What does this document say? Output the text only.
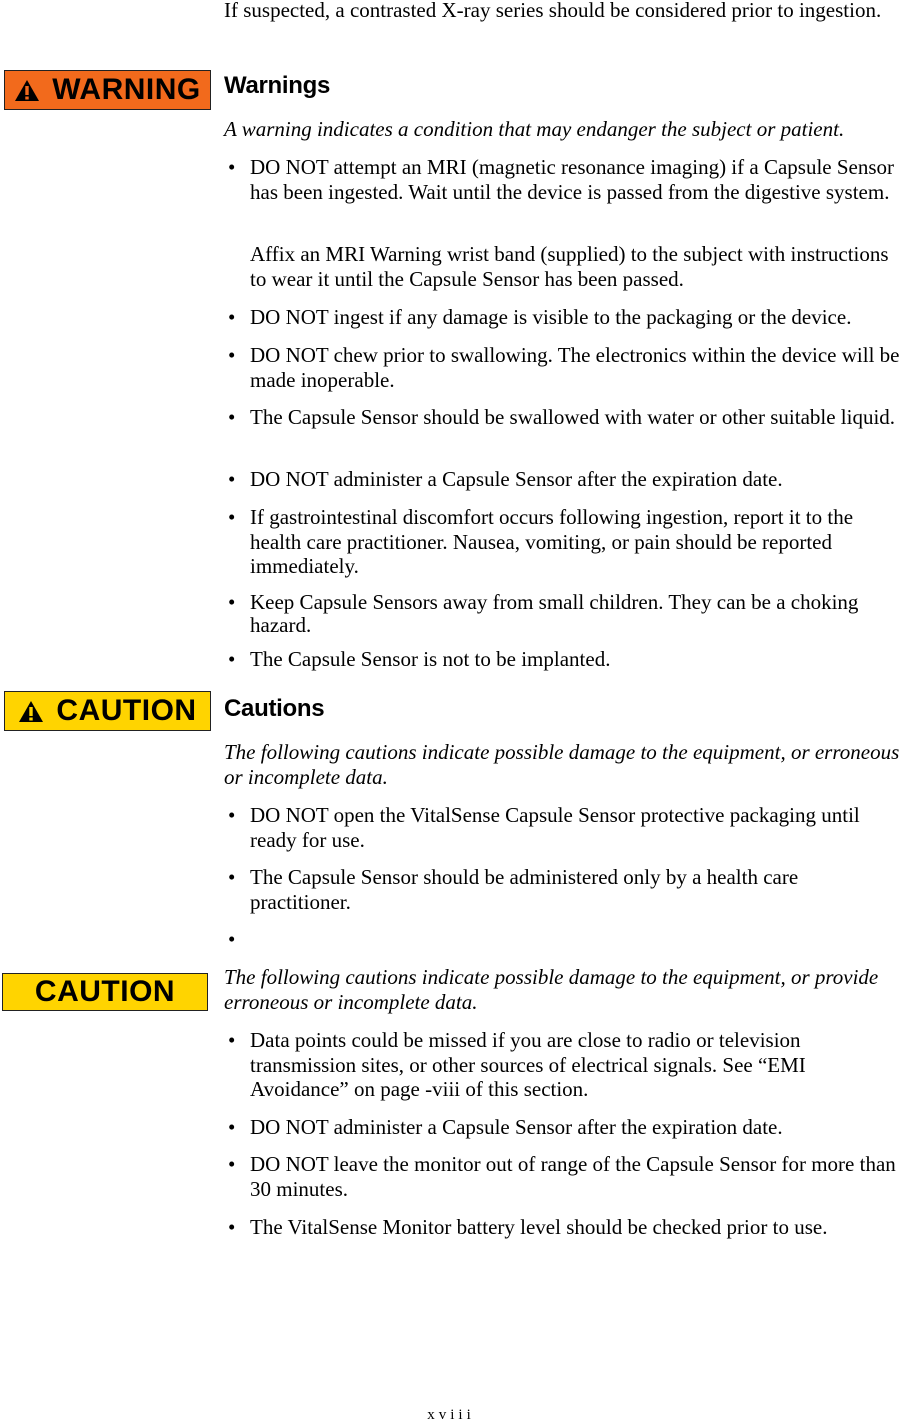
If suspected, a contrasted X-ray series should be considered prior to ingestion.
WARNING Warnings
A warning indicates a condition that may endanger the subject or patient.
• DO NOT attempt an MRI (magnetic resonance imaging) if a Capsule Sensor has been ingested. Wait until the device is passed from the digestive system.
Affix an MRI Warning wrist band (supplied) to the subject with instructions to wear it until the Capsule Sensor has been passed.
• DO NOT ingest if any damage is visible to the packaging or the device.
• DO NOT chew prior to swallowing. The electronics within the device will be made inoperable.
• The Capsule Sensor should be swallowed with water or other suitable liquid.
• DO NOT administer a Capsule Sensor after the expiration date.
• If gastrointestinal discomfort occurs following ingestion, report it to the health care practitioner. Nausea, vomiting, or pain should be reported immediately.
• Keep Capsule Sensors away from small children. They can be a choking hazard.
• The Capsule Sensor is not to be implanted.
CAUTION Cautions
The following cautions indicate possible damage to the equipment, or erroneous or incomplete data.
• DO NOT open the VitalSense Capsule Sensor protective packaging until ready for use.
• The Capsule Sensor should be administered only by a health care practitioner.
•
CAUTION The following cautions indicate possible damage to the equipment, or provide erroneous or incomplete data.
• Data points could be missed if you are close to radio or television transmission sites, or other sources of electrical signals. See “EMI Avoidance” on page -viii of this section.
• DO NOT administer a Capsule Sensor after the expiration date.
• DO NOT leave the monitor out of range of the Capsule Sensor for more than 30 minutes.
• The VitalSense Monitor battery level should be checked prior to use.
xviii
